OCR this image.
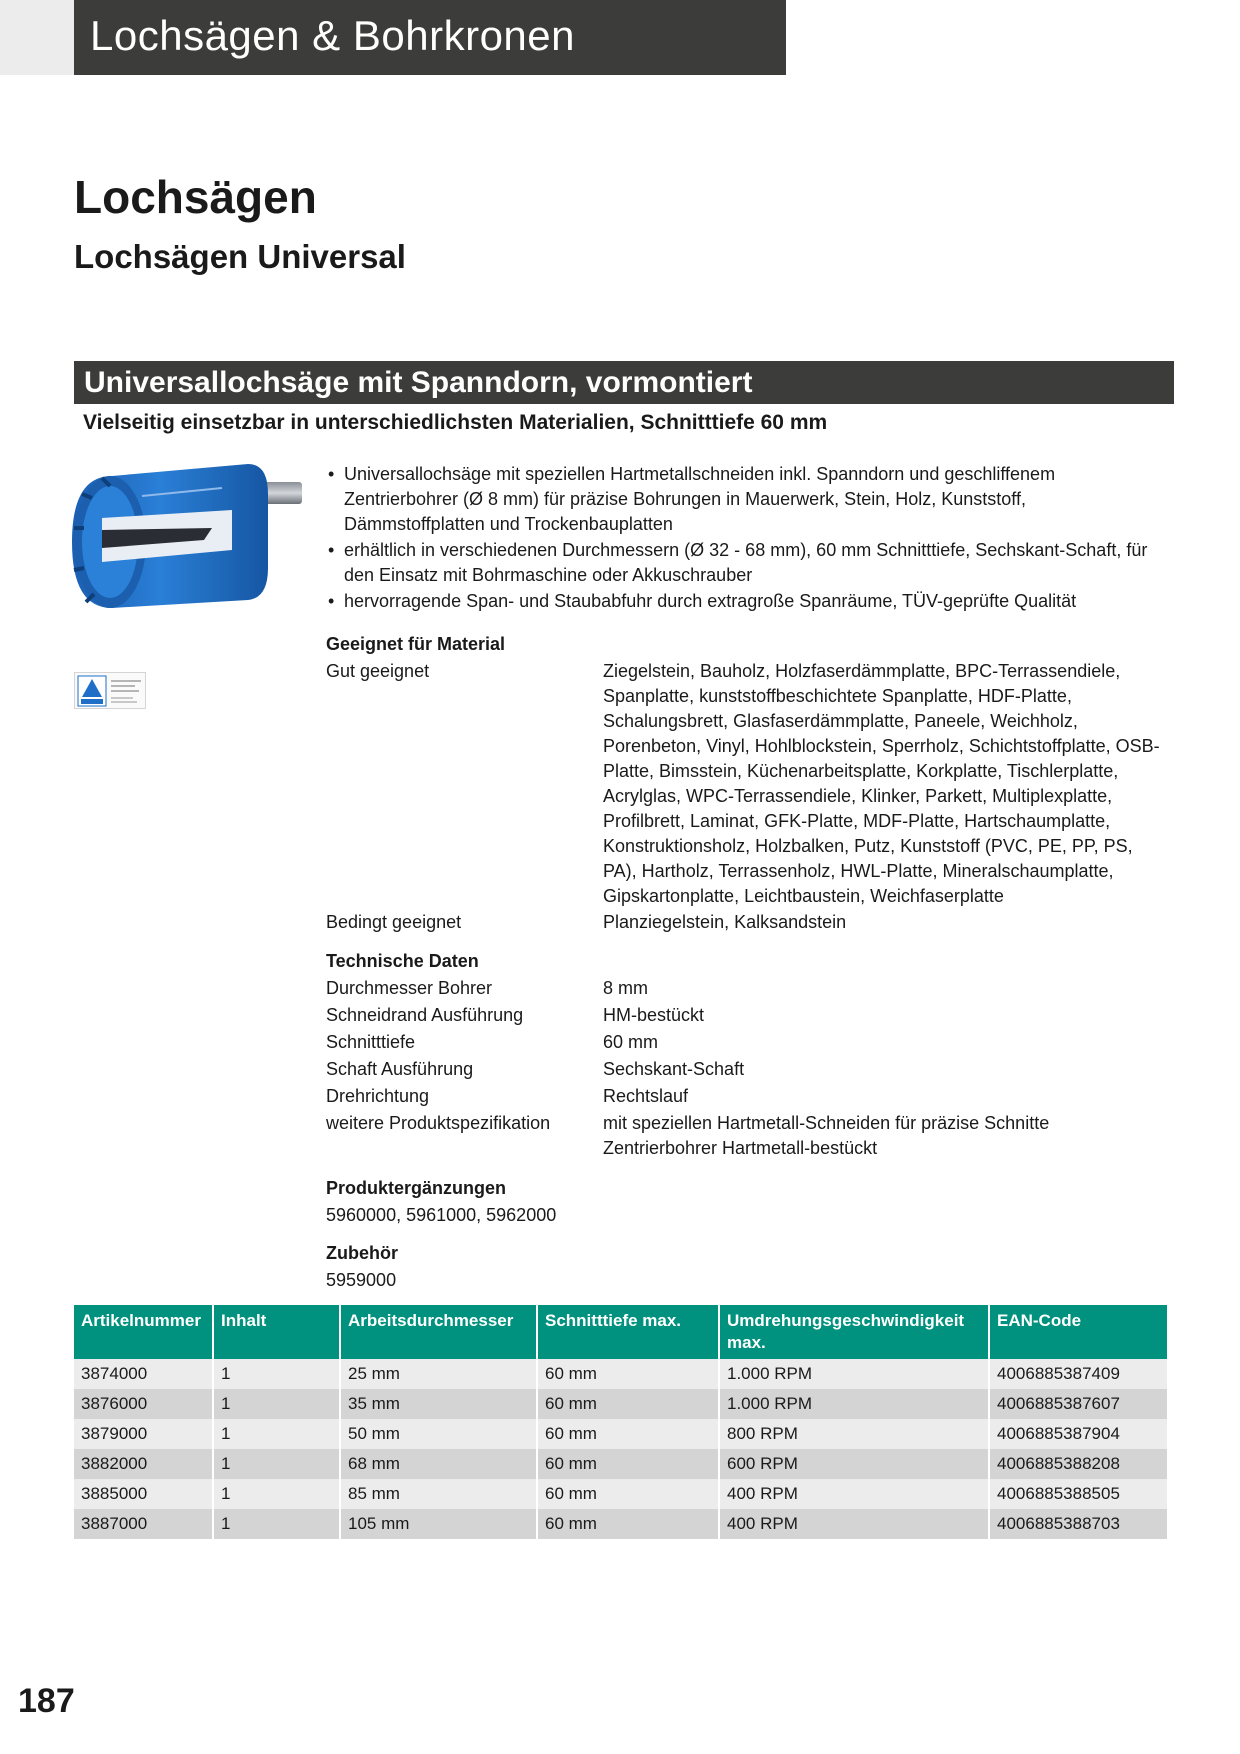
Lochsägen & Bohrkronen
Lochsägen
Lochsägen Universal
Universallochsäge mit Spanndorn, vormontiert
Vielseitig einsetzbar in unterschiedlichsten Materialien, Schnitttiefe 60 mm
• Universallochsäge mit speziellen Hartmetallschneiden inkl. Spanndorn und geschliffenem Zentrierbohrer (Ø 8 mm) für präzise Bohrungen in Mauerwerk, Stein, Holz, Kunststoff, Dämmstoffplatten und Trockenbauplatten
• erhältlich in verschiedenen Durchmessern (Ø 32 - 68 mm), 60 mm Schnitttiefe, Sechskant-Schaft, für den Einsatz mit Bohrmaschine oder Akkuschrauber
• hervorragende Span- und Staubabfuhr durch extragroße Spanräume, TÜV-geprüfte Qualität
Geeignet für Material
Gut geeignet	Ziegelstein, Bauholz, Holzfaserdämmplatte, BPC-Terrassendiele, Spanplatte, kunststoffbeschichtete Spanplatte, HDF-Platte, Schalungsbrett, Glasfaserdämmplatte, Paneele, Weichholz, Porenbeton, Vinyl, Hohlblockstein, Sperrholz, Schichtstoffplatte, OSB-Platte, Bimsstein, Küchenarbeitsplatte, Korkplatte, Tischlerplatte, Acrylglas, WPC-Terrassendiele, Klinker, Parkett, Multiplexplatte, Profilbrett, Laminat, GFK-Platte, MDF-Platte, Hartschaumplatte, Konstruktionsholz, Holzbalken, Putz, Kunststoff (PVC, PE, PP, PS, PA), Hartholz, Terrassenholz, HWL-Platte, Mineralschaumplatte, Gipskartonplatte, Leichtbaustein, Weichfaserplatte
Bedingt geeignet	Planziegelstein, Kalksandstein
Technische Daten
Durchmesser Bohrer	8 mm
Schneidrand Ausführung	HM-bestückt
Schnitttiefe	60 mm
Schaft Ausführung	Sechskant-Schaft
Drehrichtung	Rechtslauf
weitere Produktspezifikation	mit speziellen Hartmetall-Schneiden für präzise Schnitte
Zentrierbohrer Hartmetall-bestückt
Produktergänzungen
5960000, 5961000, 5962000
Zubehör
5959000
Artikelnummer	Inhalt	Arbeitsdurchmesser	Schnitttiefe max.	Umdrehungsgeschwindigkeit max.	EAN-Code
3874000	1	25 mm	60 mm	1.000 RPM	4006885387409
3876000	1	35 mm	60 mm	1.000 RPM	4006885387607
3879000	1	50 mm	60 mm	800 RPM	4006885387904
3882000	1	68 mm	60 mm	600 RPM	4006885388208
3885000	1	85 mm	60 mm	400 RPM	4006885388505
3887000	1	105 mm	60 mm	400 RPM	4006885388703
187
